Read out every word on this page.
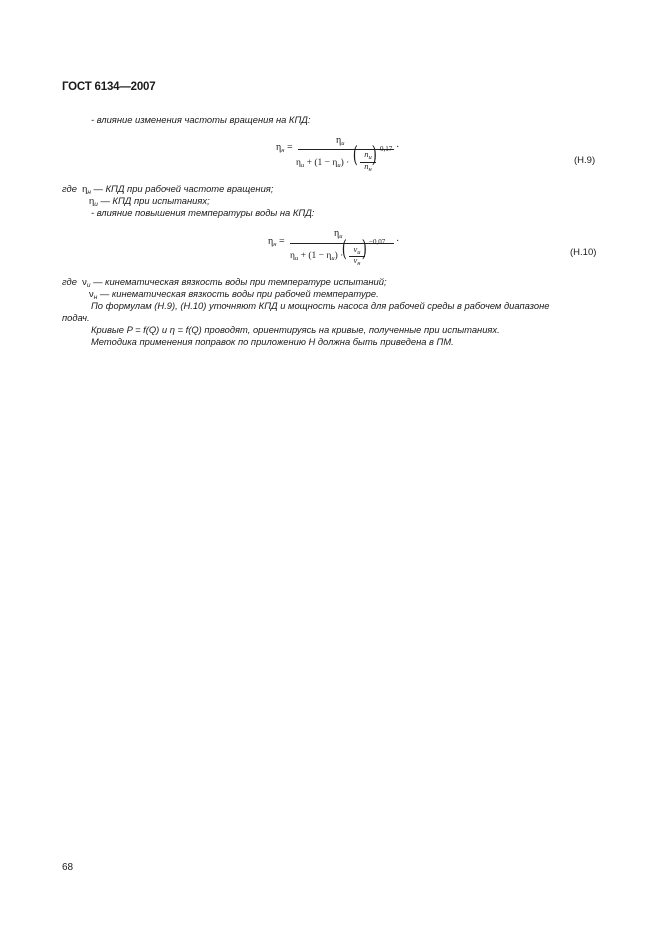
ГОСТ 6134—2007
- влияние изменения частоты вращения на КПД:
$\eta_н$ =
$\eta_и$
$\eta_и + (1 - \eta_и)$ · ( $n_и$
$n_н$
) 0,17 ·
(Н.9)
где $\eta_н$ — КПД при рабочей частоте вращения;
$\eta_и$ — КПД при испытаниях;
- влияние повышения температуры воды на КПД:
$\eta_н$ =
$\eta_и$
$\eta_и + (1 - \eta_и)$ ·
( $\nu_и$
$\nu_н$
) −0,07 ·
(Н.10)
где $\nu_и$ — кинематическая вязкость воды при температуре испытаний;
$\nu_н$ — кинематическая вязкость воды при рабочей температуре.
По формулам (Н.9), (Н.10) уточняют КПД и мощность насоса для рабочей среды в рабочем диапазоне
подач.
Кривые P = f(Q) и η = f(Q) проводят, ориентируясь на кривые, полученные при испытаниях.
Методика применения поправок по приложению Н должна быть приведена в ПМ.
68
